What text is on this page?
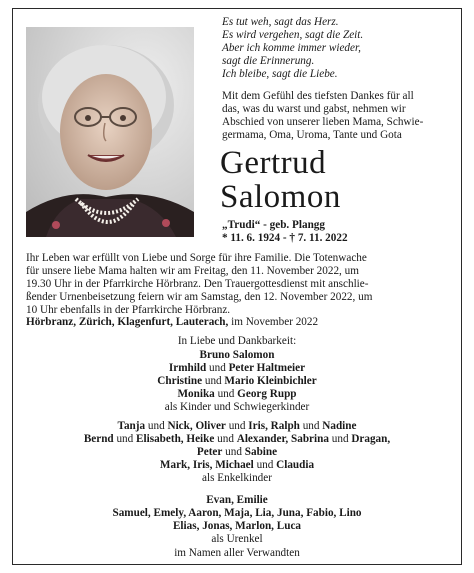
Es tut weh, sagt das Herz.
Es wird vergehen, sagt die Zeit.
Aber ich komme immer wieder,
sagt die Erinnerung.
Ich bleibe, sagt die Liebe.
Mit dem Gefühl des tiefsten Dankes für all
das, was du warst und gabst, nehmen wir
Abschied von unserer lieben Mama, Schwie-
germama, Oma, Uroma, Tante und Gota
Gertrud
Salomon
„Trudi“ - geb. Plangg
* 11. 6. 1924 - † 7. 11. 2022
Ihr Leben war erfüllt von Liebe und Sorge für ihre Familie. Die Totenwache
für unsere liebe Mama halten wir am Freitag, den 11. November 2022, um
19.30 Uhr in der Pfarrkirche Hörbranz. Den Trauergottesdienst mit anschlie-
ßender Urnenbeisetzung feiern wir am Samstag, den 12. November 2022, um
10 Uhr ebenfalls in der Pfarrkirche Hörbranz.
Hörbranz, Zürich, Klagenfurt, Lauterach, im November 2022
In Liebe und Dankbarkeit:
Bruno Salomon
Irmhild und Peter Haltmeier
Christine und Mario Kleinbichler
Monika und Georg Rupp
als Kinder und Schwiegerkinder
Tanja und Nick, Oliver und Iris, Ralph und Nadine
Bernd und Elisabeth, Heike und Alexander, Sabrina und Dragan,
Peter und Sabine
Mark, Iris, Michael und Claudia
als Enkelkinder
Evan, Emilie
Samuel, Emely, Aaron, Maja, Lia, Juna, Fabio, Lino
Elias, Jonas, Marlon, Luca
als Urenkel
im Namen aller Verwandten
